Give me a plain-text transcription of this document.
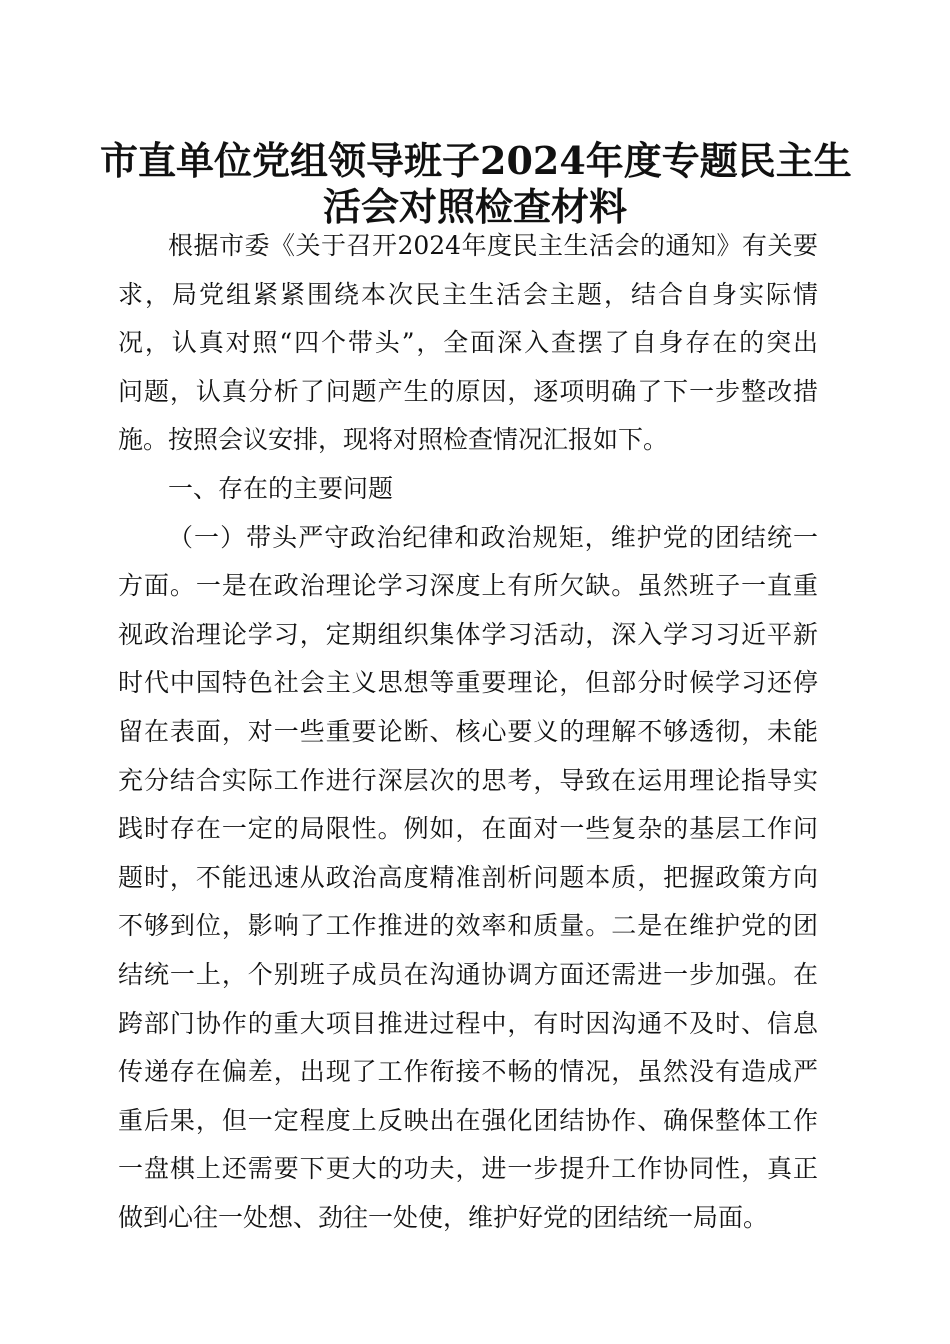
市直单位党组领导班子2024年度专题民主生
活会对照检查材料
根据市委《关于召开2024年度民主生活会的通知》有关要
求，局党组紧紧围绕本次民主生活会主题，结合自身实际情
况，认真对照“四个带头”，全面深入查摆了自身存在的突出
问题，认真分析了问题产生的原因，逐项明确了下一步整改措
施。按照会议安排，现将对照检查情况汇报如下。
一、存在的主要问题
（一）带头严守政治纪律和政治规矩，维护党的团结统一
方面。一是在政治理论学习深度上有所欠缺。虽然班子一直重
视政治理论学习，定期组织集体学习活动，深入学习习近平新
时代中国特色社会主义思想等重要理论，但部分时候学习还停
留在表面，对一些重要论断、核心要义的理解不够透彻，未能
充分结合实际工作进行深层次的思考，导致在运用理论指导实
践时存在一定的局限性。例如，在面对一些复杂的基层工作问
题时，不能迅速从政治高度精准剖析问题本质，把握政策方向
不够到位，影响了工作推进的效率和质量。二是在维护党的团
结统一上，个别班子成员在沟通协调方面还需进一步加强。在
跨部门协作的重大项目推进过程中，有时因沟通不及时、信息
传递存在偏差，出现了工作衔接不畅的情况，虽然没有造成严
重后果，但一定程度上反映出在强化团结协作、确保整体工作
一盘棋上还需要下更大的功夫，进一步提升工作协同性，真正
做到心往一处想、劲往一处使，维护好党的团结统一局面。
